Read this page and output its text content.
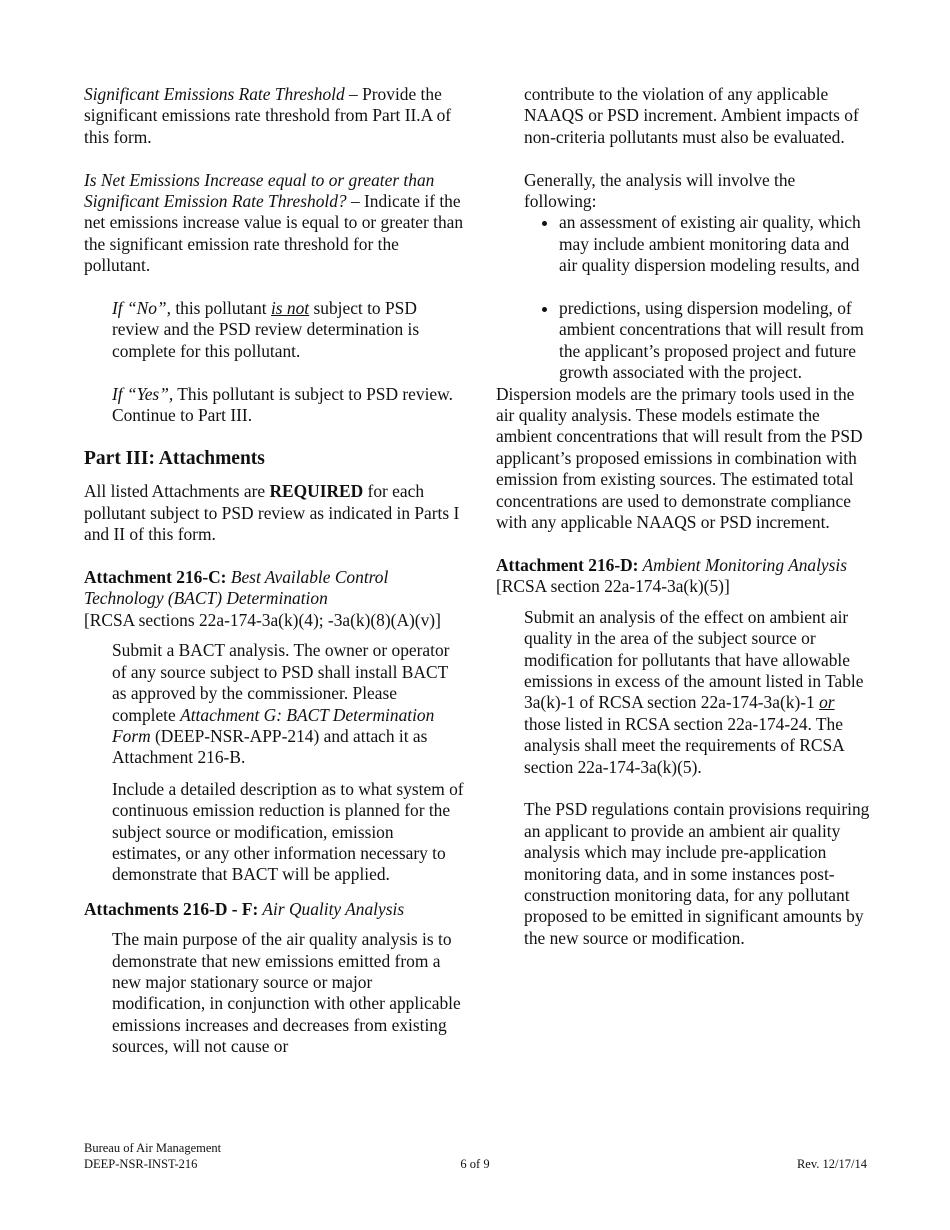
Significant Emissions Rate Threshold – Provide the significant emissions rate threshold from Part II.A of this form.

Is Net Emissions Increase equal to or greater than Significant Emission Rate Threshold? – Indicate if the net emissions increase value is equal to or greater than the significant emission rate threshold for the pollutant.

If “No”, this pollutant is not subject to PSD review and the PSD review determination is complete for this pollutant.

If “Yes”, This pollutant is subject to PSD review. Continue to Part III.

Part III: Attachments

All listed Attachments are REQUIRED for each pollutant subject to PSD review as indicated in Parts I and II of this form.

Attachment 216-C: Best Available Control Technology (BACT) Determination
[RCSA sections 22a-174-3a(k)(4); -3a(k)(8)(A)(v)]

Submit a BACT analysis. The owner or operator of any source subject to PSD shall install BACT as approved by the commissioner. Please complete Attachment G: BACT Determination Form (DEEP-NSR-APP-214) and attach it as Attachment 216-B.

Include a detailed description as to what system of continuous emission reduction is planned for the subject source or modification, emission estimates, or any other information necessary to demonstrate that BACT will be applied.

Attachments 216-D - F: Air Quality Analysis

The main purpose of the air quality analysis is to demonstrate that new emissions emitted from a new major stationary source or major modification, in conjunction with other applicable emissions increases and decreases from existing sources, will not cause or

contribute to the violation of any applicable NAAQS or PSD increment. Ambient impacts of non-criteria pollutants must also be evaluated.

Generally, the analysis will involve the following:

• an assessment of existing air quality, which may include ambient monitoring data and air quality dispersion modeling results, and
• predictions, using dispersion modeling, of ambient concentrations that will result from the applicant’s proposed project and future growth associated with the project.

Dispersion models are the primary tools used in the air quality analysis. These models estimate the ambient concentrations that will result from the PSD applicant’s proposed emissions in combination with emission from existing sources. The estimated total concentrations are used to demonstrate compliance with any applicable NAAQS or PSD increment.

Attachment 216-D: Ambient Monitoring Analysis
[RCSA section 22a-174-3a(k)(5)]

Submit an analysis of the effect on ambient air quality in the area of the subject source or modification for pollutants that have allowable emissions in excess of the amount listed in Table 3a(k)-1 of RCSA section 22a-174-3a(k)-1 or those listed in RCSA section 22a-174-24. The analysis shall meet the requirements of RCSA section 22a-174-3a(k)(5).

The PSD regulations contain provisions requiring an applicant to provide an ambient air quality analysis which may include pre-application monitoring data, and in some instances post-construction monitoring data, for any pollutant proposed to be emitted in significant amounts by the new source or modification.

Bureau of Air Management
DEEP-NSR-INST-216	6 of 9	Rev. 12/17/14
